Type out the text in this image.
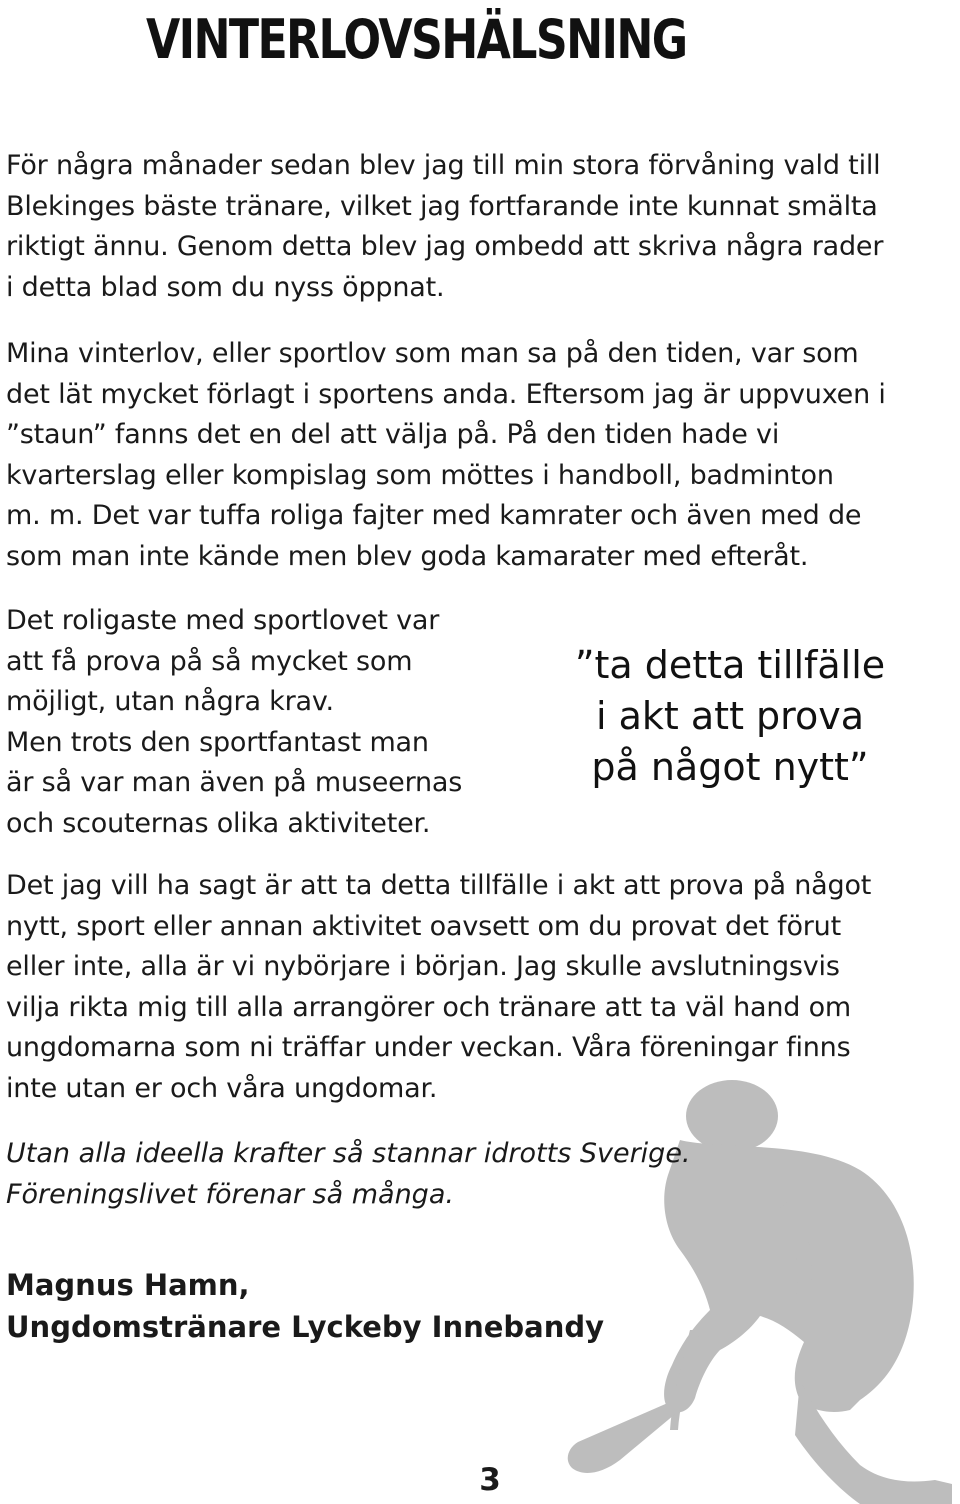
VINTERLOVSHÄLSNING

För några månader sedan blev jag till min stora förvåning vald till
Blekinges bäste tränare, vilket jag fortfarande inte kunnat smälta
riktigt ännu. Genom detta blev jag ombedd att skriva några rader
i detta blad som du nyss öppnat.

Mina vinterlov, eller sportlov som man sa på den tiden, var som
det lät mycket förlagt i sportens anda. Eftersom jag är uppvuxen i
”staun” fanns det en del att välja på. På den tiden hade vi
kvarterslag eller kompislag som möttes i handboll, badminton
m. m. Det var tuffa roliga fajter med kamrater och även med de
som man inte kände men blev goda kamarater med efteråt.

Det roligaste med sportlovet var
att få prova på så mycket som
möjligt, utan några krav.
Men trots den sportfantast man
är så var man även på museernas
och scouternas olika aktiviteter.

”ta detta tillfälle
i akt att prova
på något nytt”

Det jag vill ha sagt är att ta detta tillfälle i akt att prova på något
nytt, sport eller annan aktivitet oavsett om du provat det förut
eller inte, alla är vi nybörjare i början. Jag skulle avslutningsvis
vilja rikta mig till alla arrangörer och tränare att ta väl hand om
ungdomarna som ni träffar under veckan. Våra föreningar finns
inte utan er och våra ungdomar.

Utan alla ideella krafter så stannar idrotts Sverige.
Föreningslivet förenar så många.

Magnus Hamn,
Ungdomstränare Lyckeby Innebandy

3
